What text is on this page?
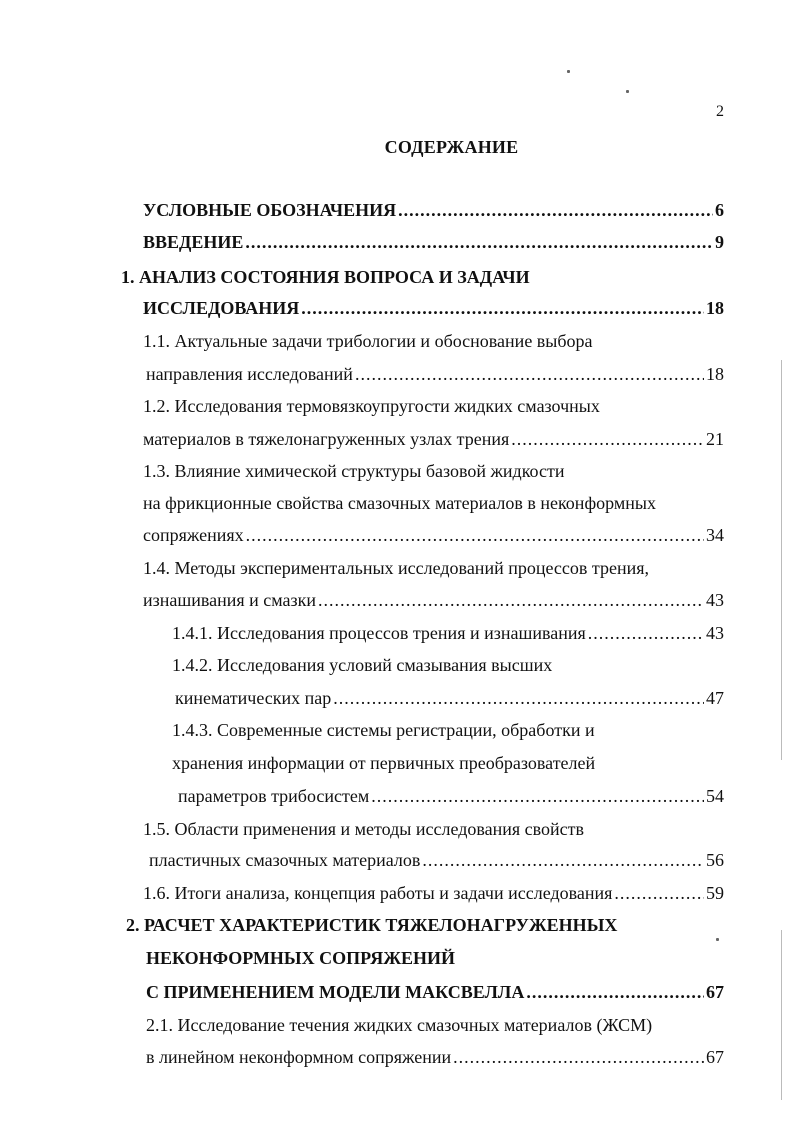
2
СОДЕРЖАНИЕ
УСЛОВНЫЕ ОБОЗНАЧЕНИЯ .....	6
ВВЕДЕНИЕ .....	9
1. АНАЛИЗ СОСТОЯНИЯ ВОПРОСА И ЗАДАЧИ
ИССЛЕДОВАНИЯ .....	18
1.1. Актуальные задачи трибологии и обоснование выбора
направления исследований .....	18
1.2. Исследования термовязкоупругости жидких смазочных
материалов в тяжелонагруженных узлах трения .....	21
1.3. Влияние химической структуры базовой жидкости
на фрикционные свойства смазочных материалов в неконформных
сопряжениях .....	34
1.4. Методы экспериментальных исследований процессов трения,
изнашивания и смазки .....	43
1.4.1. Исследования процессов трения и изнашивания .....	43
1.4.2. Исследования условий смазывания высших
кинематических пар .....	47
1.4.3. Современные системы регистрации, обработки и
хранения информации от первичных преобразователей
параметров трибосистем .....	54
1.5. Области применения и методы исследования свойств
пластичных смазочных материалов .....	56
1.6. Итоги анализа, концепция работы и задачи исследования .....	59
2. РАСЧЕТ ХАРАКТЕРИСТИК ТЯЖЕЛОНАГРУЖЕННЫХ
НЕКОНФОРМНЫХ СОПРЯЖЕНИЙ
С ПРИМЕНЕНИЕМ МОДЕЛИ МАКСВЕЛЛА .....	67
2.1. Исследование течения жидких смазочных материалов (ЖСМ)
в линейном неконформном сопряжении .....	67
